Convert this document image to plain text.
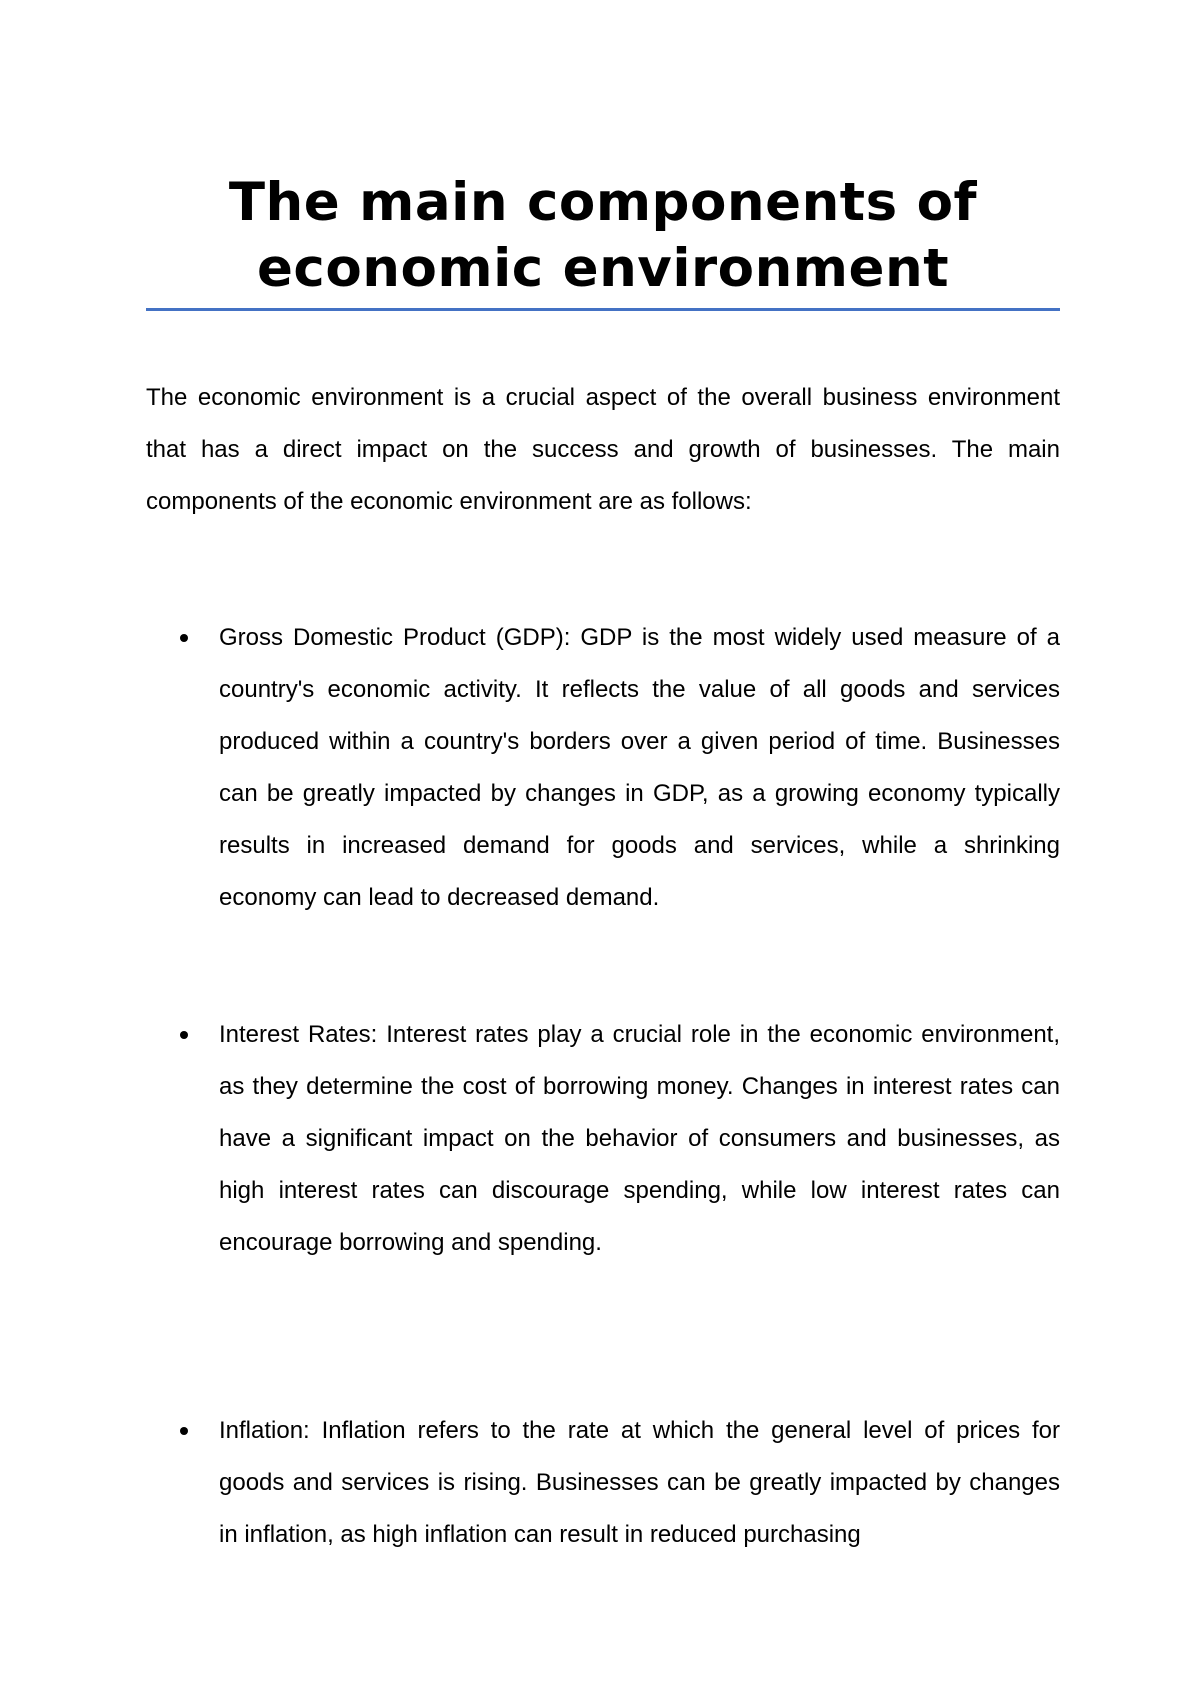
The main components of economic environment

The economic environment is a crucial aspect of the overall business environment that has a direct impact on the success and growth of businesses. The main components of the economic environment are as follows:

Gross Domestic Product (GDP): GDP is the most widely used measure of a country's economic activity. It reflects the value of all goods and services produced within a country's borders over a given period of time. Businesses can be greatly impacted by changes in GDP, as a growing economy typically results in increased demand for goods and services, while a shrinking economy can lead to decreased demand.

Interest Rates: Interest rates play a crucial role in the economic environment, as they determine the cost of borrowing money. Changes in interest rates can have a significant impact on the behavior of consumers and businesses, as high interest rates can discourage spending, while low interest rates can encourage borrowing and spending.

Inflation: Inflation refers to the rate at which the general level of prices for goods and services is rising. Businesses can be greatly impacted by changes in inflation, as high inflation can result in reduced purchasing
